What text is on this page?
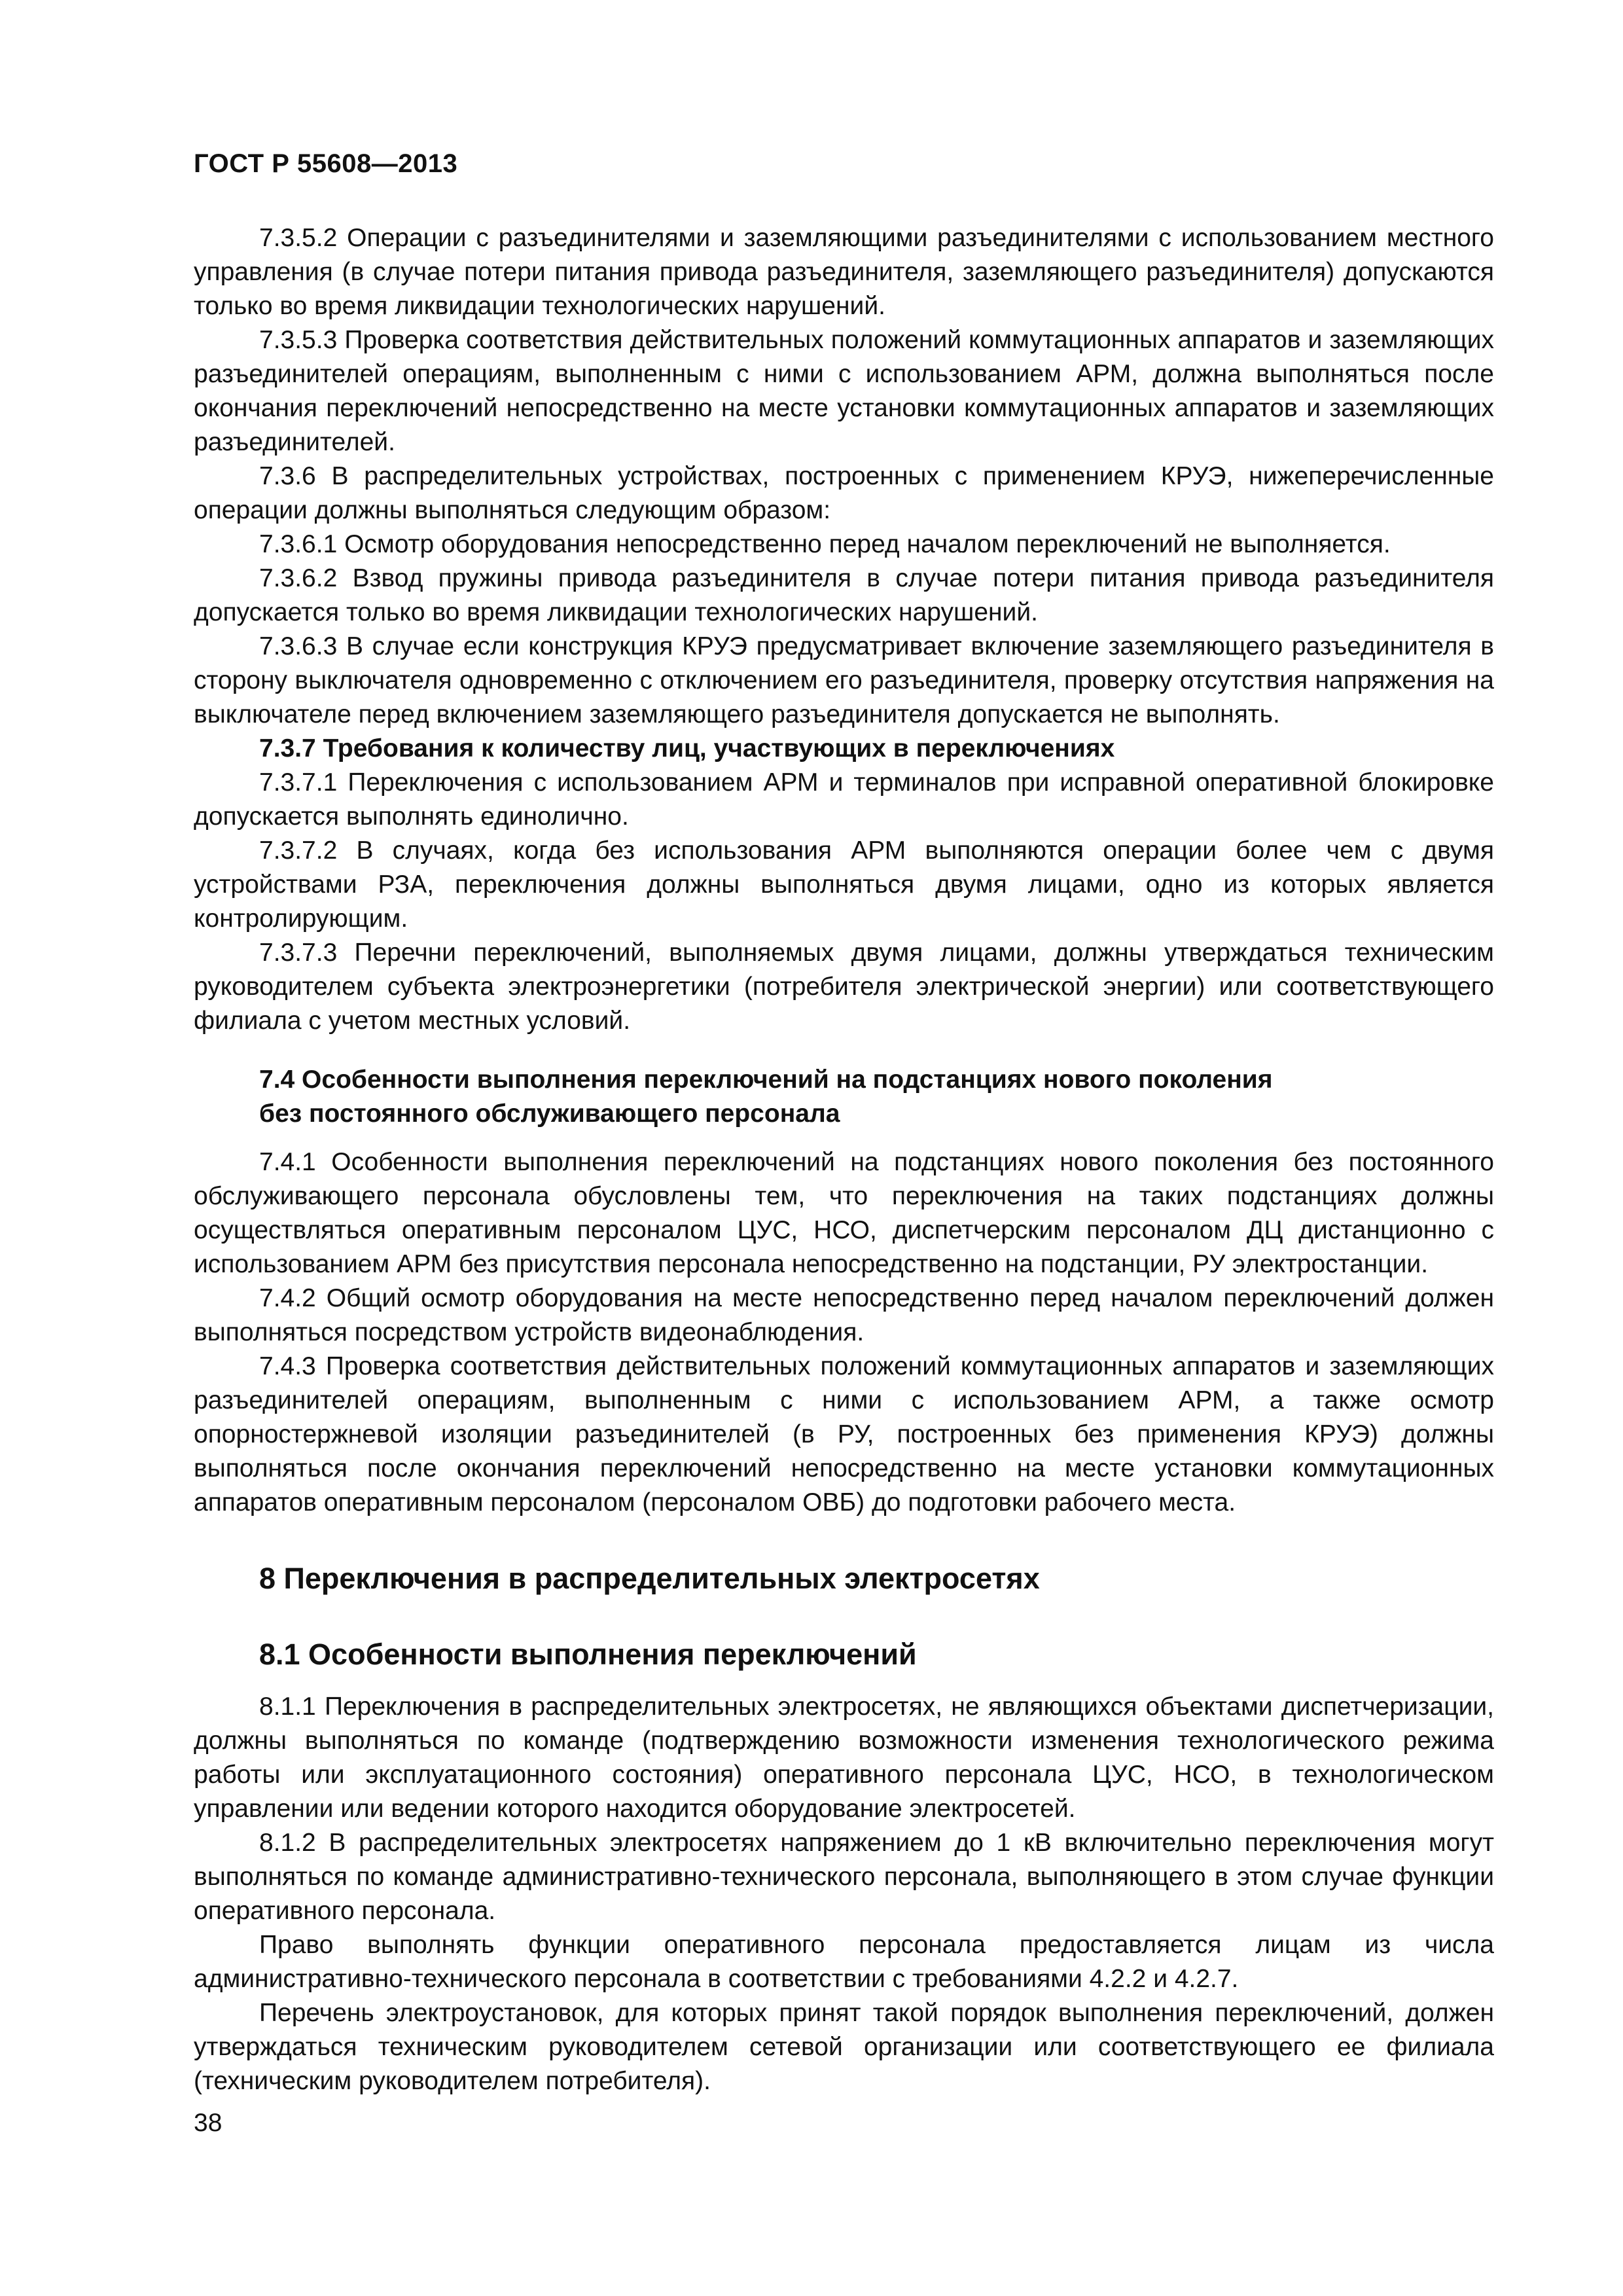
ГОСТ Р 55608—2013

7.3.5.2 Операции с разъединителями и заземляющими разъединителями с использованием местного управления (в случае потери питания привода разъединителя, заземляющего разъединителя) допускаются только во время ликвидации технологических нарушений.

7.3.5.3 Проверка соответствия действительных положений коммутационных аппаратов и заземляющих разъединителей операциям, выполненным с ними с использованием АРМ, должна выполняться после окончания переключений непосредственно на месте установки коммутационных аппаратов и заземляющих разъединителей.

7.3.6 В распределительных устройствах, построенных с применением КРУЭ, нижеперечисленные операции должны выполняться следующим образом:

7.3.6.1 Осмотр оборудования непосредственно перед началом переключений не выполняется.

7.3.6.2 Взвод пружины привода разъединителя в случае потери питания привода разъединителя допускается только во время ликвидации технологических нарушений.

7.3.6.3 В случае если конструкция КРУЭ предусматривает включение заземляющего разъединителя в сторону выключателя одновременно с отключением его разъединителя, проверку отсутствия напряжения на выключателе перед включением заземляющего разъединителя допускается не выполнять.

7.3.7 Требования к количеству лиц, участвующих в переключениях

7.3.7.1 Переключения с использованием АРМ и терминалов при исправной оперативной блокировке допускается выполнять единолично.

7.3.7.2 В случаях, когда без использования АРМ выполняются операции более чем с двумя устройствами РЗА, переключения должны выполняться двумя лицами, одно из которых является контролирующим.

7.3.7.3 Перечни переключений, выполняемых двумя лицами, должны утверждаться техническим руководителем субъекта электроэнергетики (потребителя электрической энергии) или соответствующего филиала с учетом местных условий.

7.4 Особенности выполнения переключений на подстанциях нового поколения
без постоянного обслуживающего персонала

7.4.1 Особенности выполнения переключений на подстанциях нового поколения без постоянного обслуживающего персонала обусловлены тем, что переключения на таких подстанциях должны осуществляться оперативным персоналом ЦУС, НСО, диспетчерским персоналом ДЦ дистанционно с использованием АРМ без присутствия персонала непосредственно на подстанции, РУ электростанции.

7.4.2 Общий осмотр оборудования на месте непосредственно перед началом переключений должен выполняться посредством устройств видеонаблюдения.

7.4.3 Проверка соответствия действительных положений коммутационных аппаратов и заземляющих разъединителей операциям, выполненным с ними с использованием АРМ, а также осмотр опорностержневой изоляции разъединителей (в РУ, построенных без применения КРУЭ) должны выполняться после окончания переключений непосредственно на месте установки коммутационных аппаратов оперативным персоналом (персоналом ОВБ) до подготовки рабочего места.

8 Переключения в распределительных электросетях
8.1 Особенности выполнения переключений

8.1.1 Переключения в распределительных электросетях, не являющихся объектами диспетчеризации, должны выполняться по команде (подтверждению возможности изменения технологического режима работы или эксплуатационного состояния) оперативного персонала ЦУС, НСО, в технологическом управлении или ведении которого находится оборудование электросетей.

8.1.2 В распределительных электросетях напряжением до 1 кВ включительно переключения могут выполняться по команде административно-технического персонала, выполняющего в этом случае функции оперативного персонала.

Право выполнять функции оперативного персонала предоставляется лицам из числа административно-технического персонала в соответствии с требованиями 4.2.2 и 4.2.7.

Перечень электроустановок, для которых принят такой порядок выполнения переключений, должен утверждаться техническим руководителем сетевой организации или соответствующего ее филиала (техническим руководителем потребителя).

38
